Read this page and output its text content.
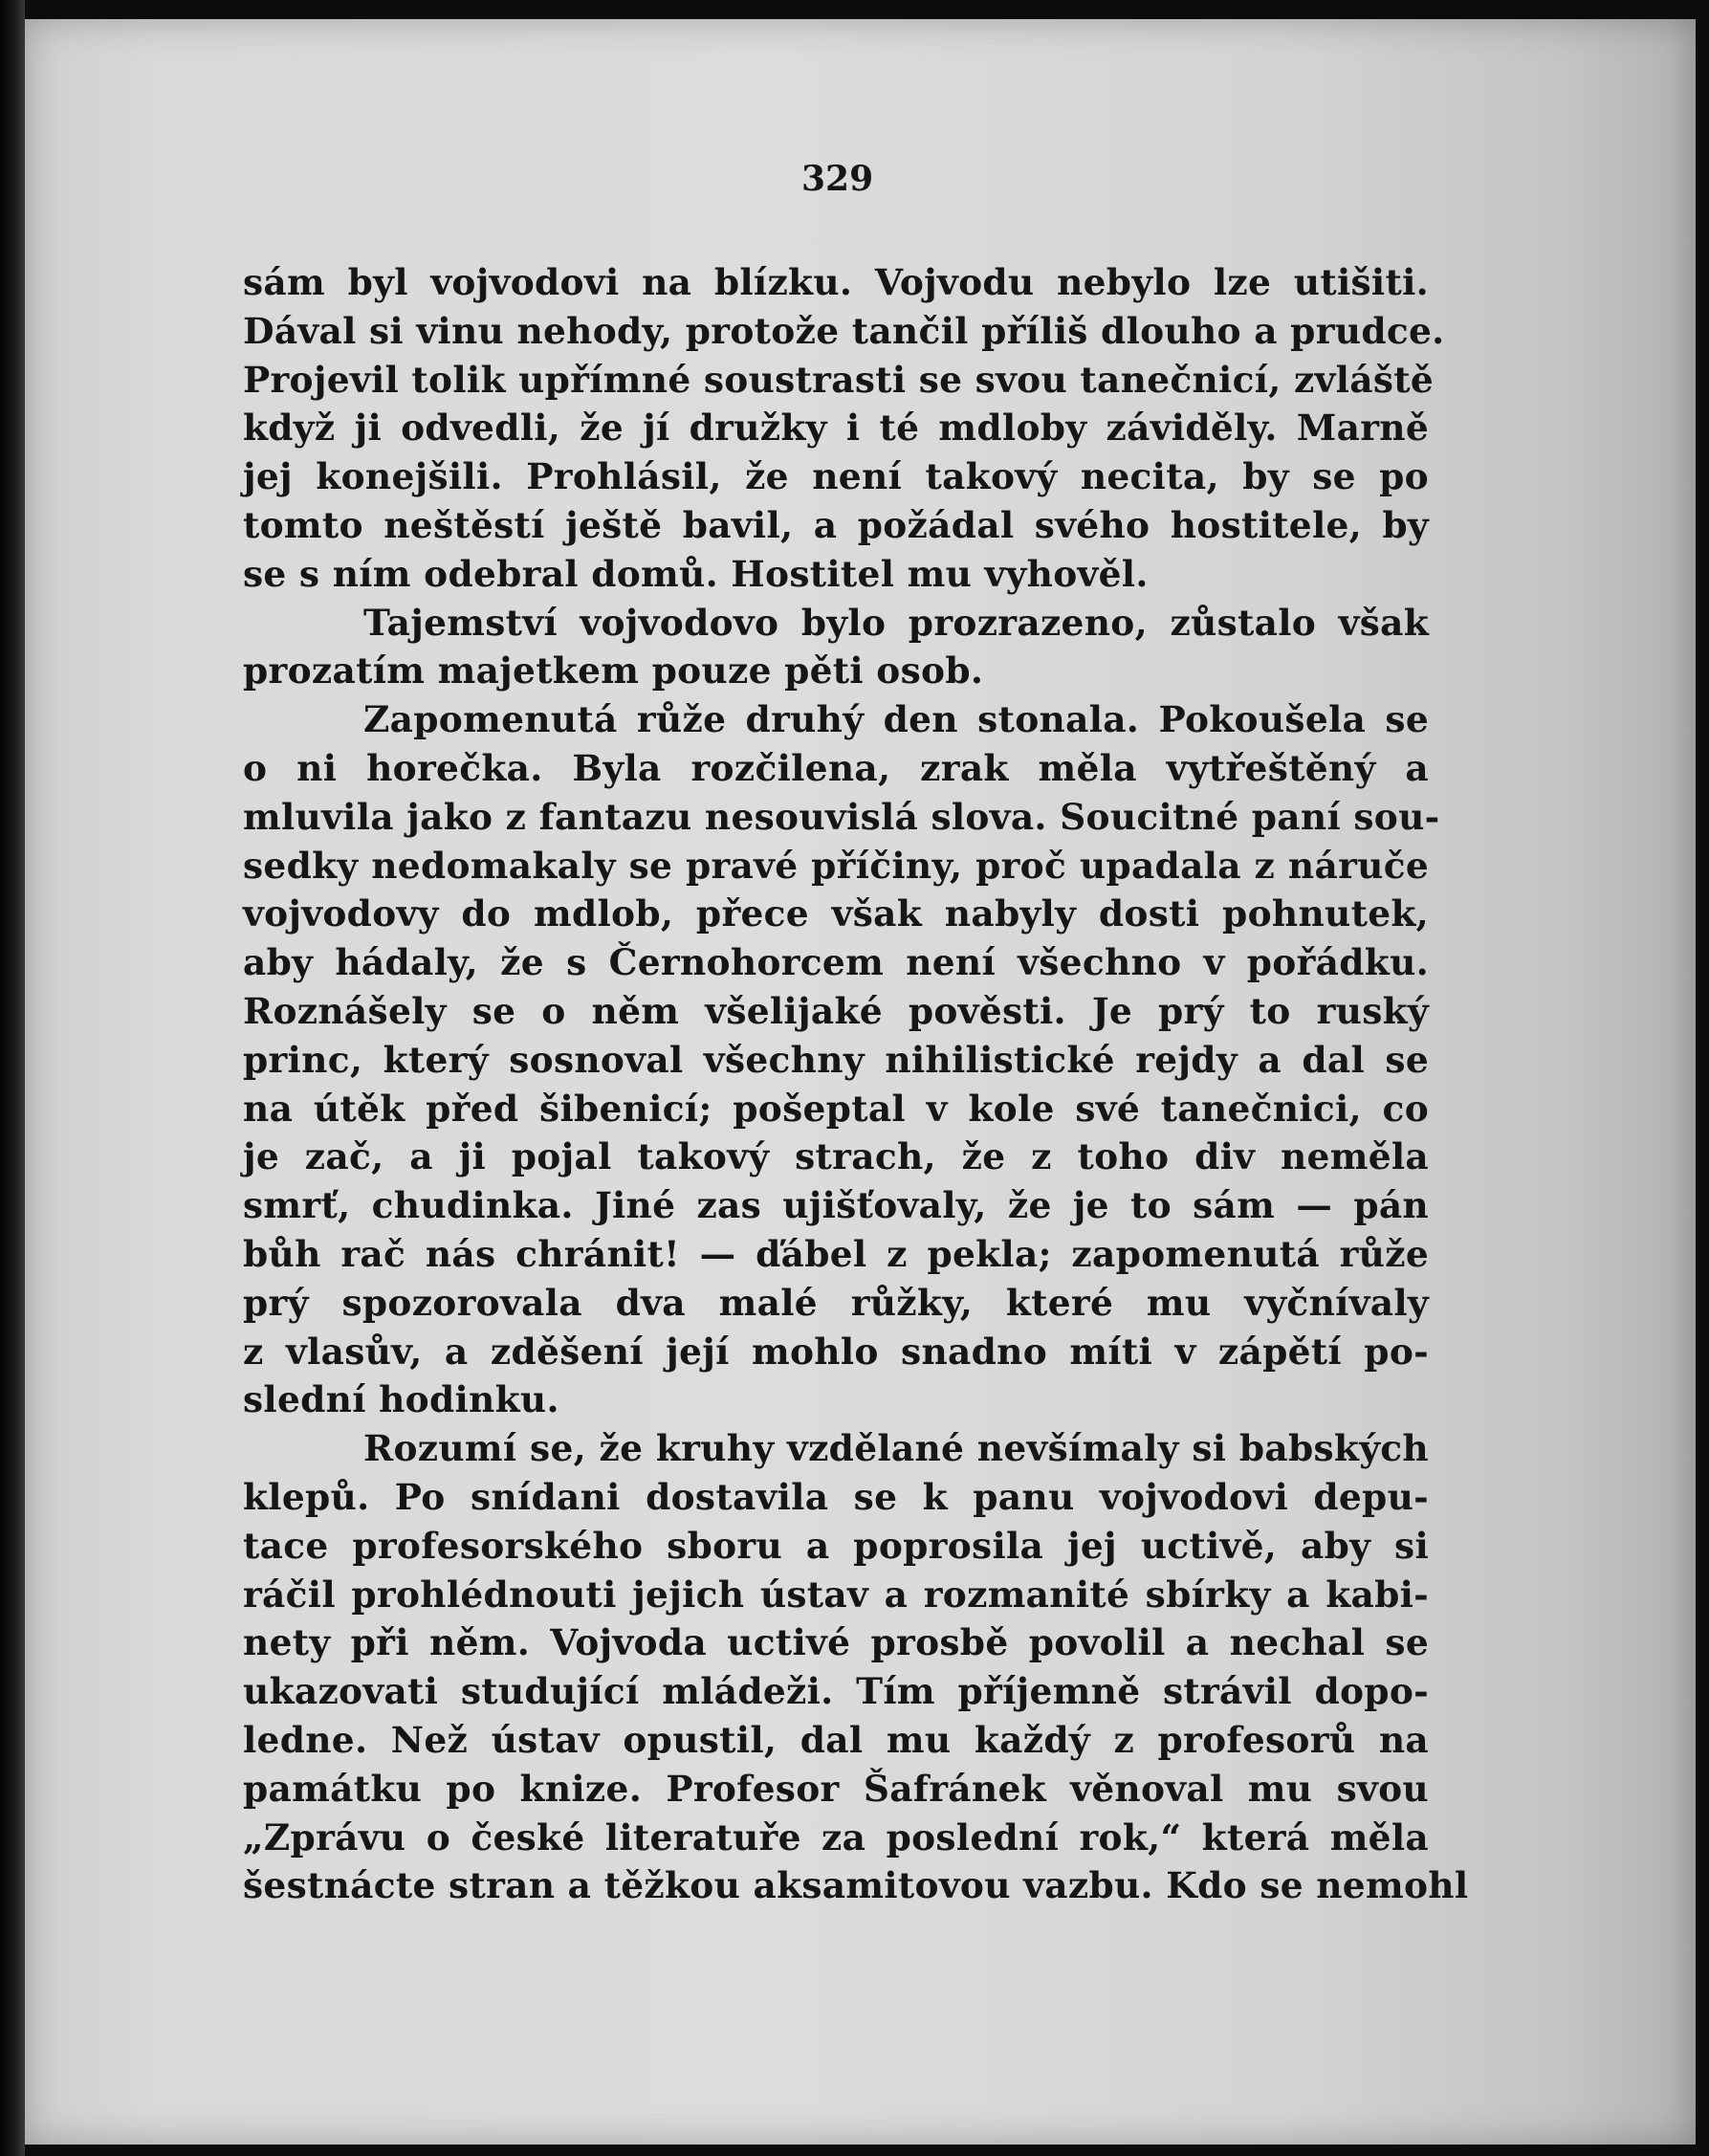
329
sám byl vojvodovi na blízku. Vojvodu nebylo lze utišiti.
Dával si vinu nehody, protože tančil příliš dlouho a prudce.
Projevil tolik upřímné soustrasti se svou tanečnicí, zvláště
když ji odvedli, že jí družky i té mdloby záviděly. Marně
jej konejšili. Prohlásil, že není takový necita, by se po
tomto neštěstí ještě bavil, a požádal svého hostitele, by
se s ním odebral domů. Hostitel mu vyhověl.
Tajemství vojvodovo bylo prozrazeno, zůstalo však
prozatím majetkem pouze pěti osob.
Zapomenutá růže druhý den stonala. Pokoušela se
o ni horečka. Byla rozčilena, zrak měla vytřeštěný a
mluvila jako z fantazu nesouvislá slova. Soucitné paní sou-
sedky nedomakaly se pravé příčiny, proč upadala z náruče
vojvodovy do mdlob, přece však nabyly dosti pohnutek,
aby hádaly, že s Černohorcem není všechno v pořádku.
Roznášely se o něm všelijaké pověsti. Je prý to ruský
princ, který sosnoval všechny nihilistické rejdy a dal se
na útěk před šibenicí; pošeptal v kole své tanečnici, co
je zač, a ji pojal takový strach, že z toho div neměla
smrť, chudinka. Jiné zas ujišťovaly, že je to sám — pán
bůh rač nás chránit! — ďábel z pekla; zapomenutá růže
prý spozorovala dva malé růžky, které mu vyčnívaly
z vlasův, a zděšení její mohlo snadno míti v zápětí po-
slední hodinku.
Rozumí se, že kruhy vzdělané nevšímaly si babských
klepů. Po snídani dostavila se k panu vojvodovi depu-
tace profesorského sboru a poprosila jej uctivě, aby si
ráčil prohlédnouti jejich ústav a rozmanité sbírky a kabi-
nety při něm. Vojvoda uctivé prosbě povolil a nechal se
ukazovati studující mládeži. Tím příjemně strávil dopo-
ledne. Než ústav opustil, dal mu každý z profesorů na
památku po knize. Profesor Šafránek věnoval mu svou
„Zprávu o české literatuře za poslední rok,“ která měla
šestnácte stran a těžkou aksamitovou vazbu. Kdo se nemohl
